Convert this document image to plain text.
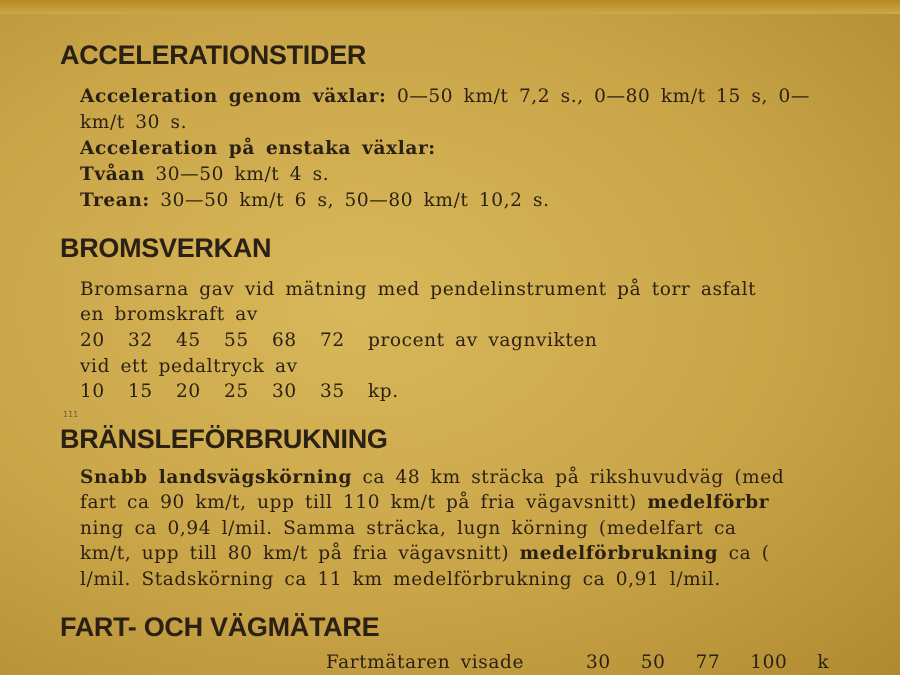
ACCELERATIONSTIDER

Acceleration genom växlar: 0—50 km/t 7,2 s., 0—80 km/t 15 s, 0—

km/t 30 s.

Acceleration på enstaka växlar:

Tvåan 30—50 km/t 4 s.

Trean: 30—50 km/t 6 s, 50—80 km/t 10,2 s.

BROMSVERKAN

Bromsarna gav vid mätning med pendelinstrument på torr asfalt

en bromskraft av

20 32 45 55 68 72 procent av vagnvikten

vid ett pedaltryck av

10 15 20 25 30 35 kp.

111
BRÄNSLEFÖRBRUKNING

Snabb landsvägskörning ca 48 km sträcka på rikshuvudväg (med

fart ca 90 km/t, upp till 110 km/t på fria vägavsnitt) medelförbr

ning ca 0,94 l/mil. Samma sträcka, lugn körning (medelfart ca

km/t, upp till 80 km/t på fria vägavsnitt) medelförbrukning ca (

l/mil. Stadskörning ca 11 km medelförbrukning ca 0,91 l/mil.

FART- OCH VÄGMÄTARE

Fartmätaren visade	30 50 77 100 k
